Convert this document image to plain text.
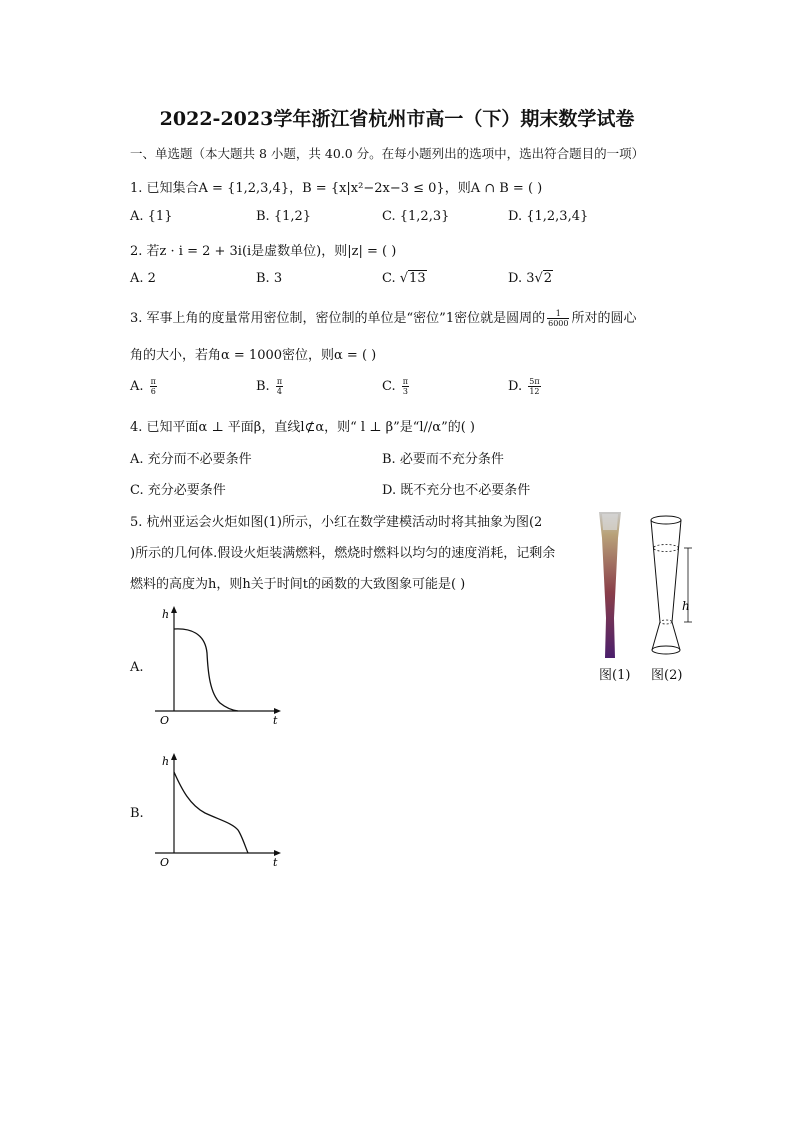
2022-2023学年浙江省杭州市高一（下）期末数学试卷
一、单选题（本大题共 8 小题，共 40.0 分。在每小题列出的选项中，选出符合题目的一项）
1. 已知集合A = {1,2,3,4}，B = {x|x²−2x−3 ≤ 0}，则A ∩ B = ( )
A. {1}	B. {1,2}	C. {1,2,3}	D. {1,2,3,4}
2. 若z · i = 2 + 3i(i是虚数单位)，则|z| = ( )
A. 2	B. 3	C. √13	D. 3√2
3. 军事上角的度量常用密位制，密位制的单位是“密位”1密位就是圆周的 $\frac{1}{6000}$ 所对的圆心
角的大小，若角α = 1000密位，则α = ( )
A. $\frac{\pi}{6}$	B. $\frac{\pi}{4}$	C. $\frac{\pi}{3}$	D. $\frac{5\pi}{12}$
4. 已知平面α ⊥ 平面β，直线l⊄α，则“ l ⊥ β”是“l//α”的( )
A. 充分而不必要条件	B. 必要而不充分条件
C. 充分必要条件	D. 既不充分也不必要条件
5. 杭州亚运会火炬如图(1)所示，小红在数学建模活动时将其抽象为图(2
)所示的几何体.假设火炬装满燃料，燃烧时燃料以均匀的速度消耗，记剩余
燃料的高度为h，则h关于时间t的函数的大致图象可能是( )
图(1)
h
图(2)
A.
h
t
O
B.
h
t
O
